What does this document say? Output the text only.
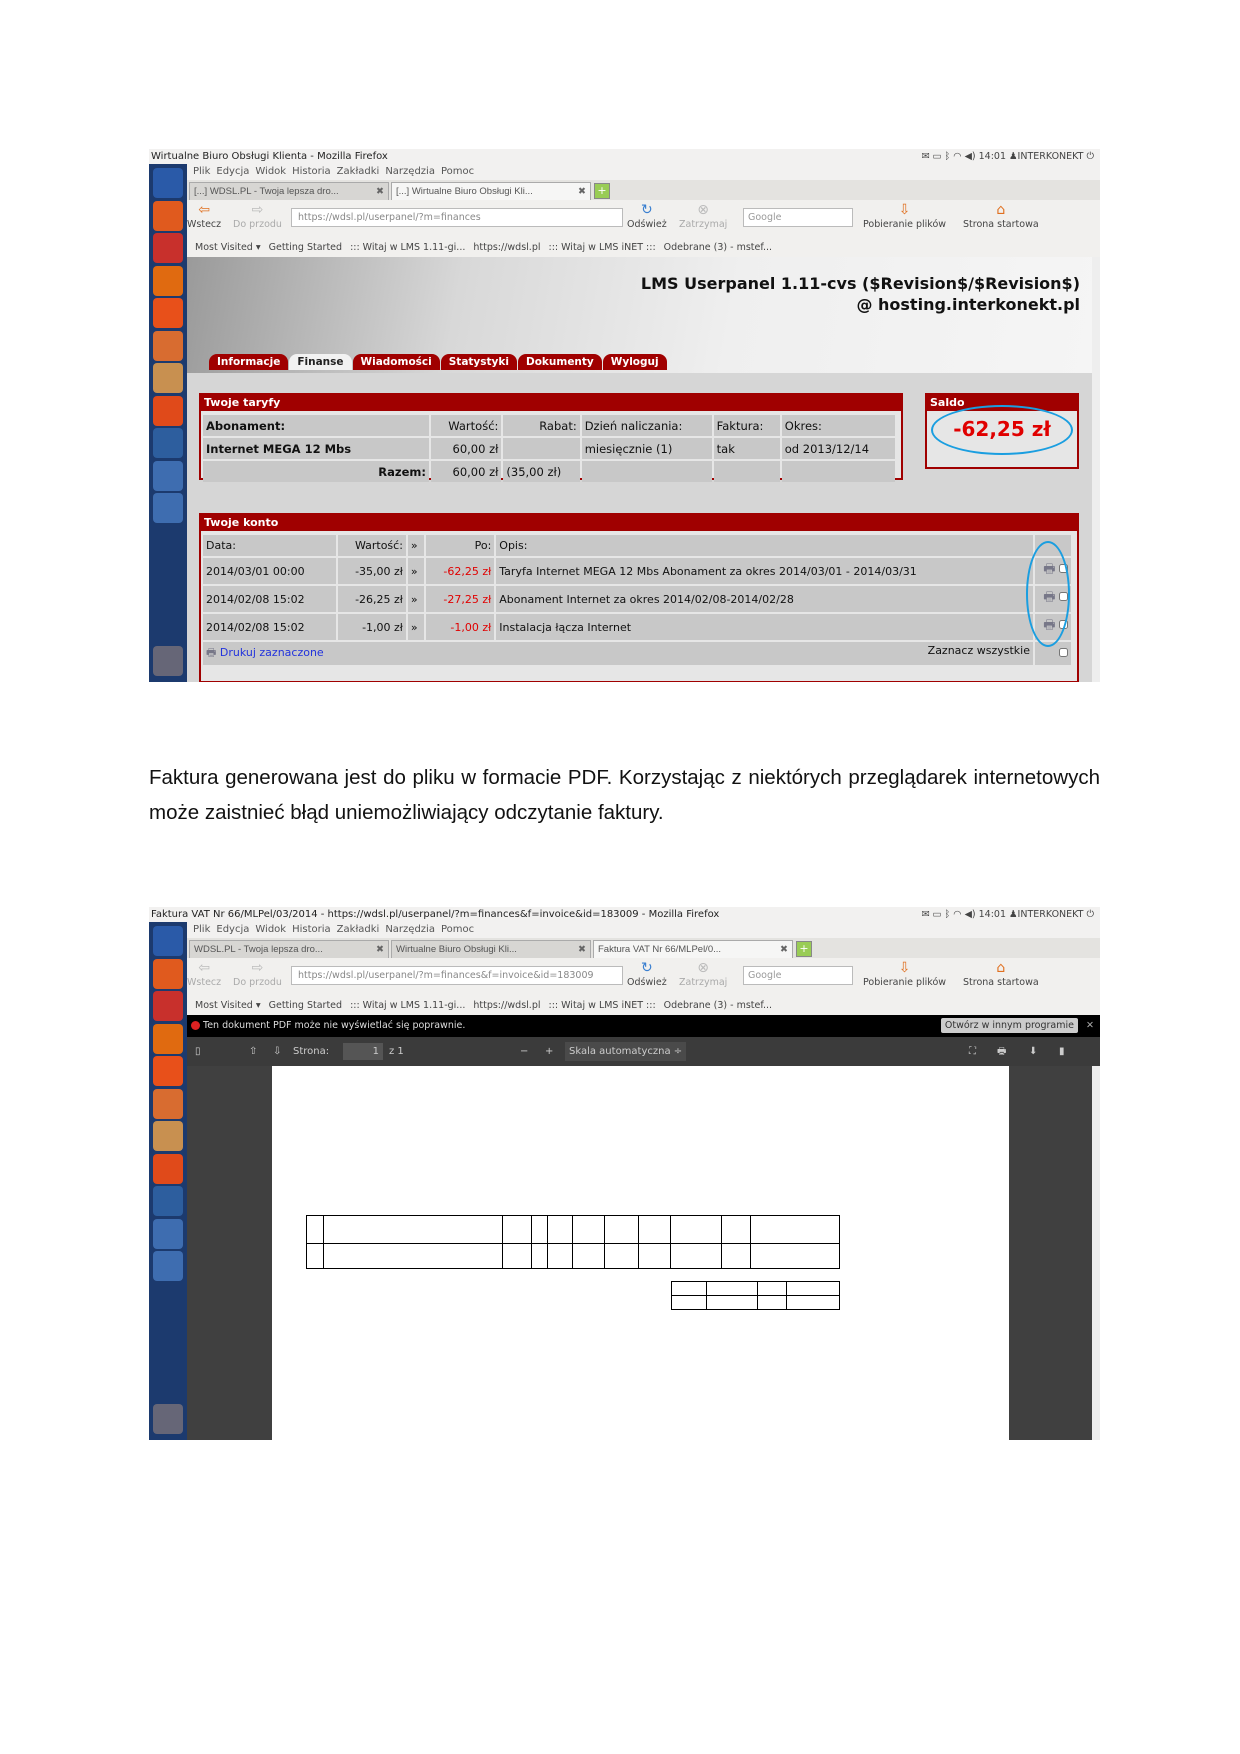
Wirtualne Biuro Obsługi Klienta - Mozilla Firefox	✉ ▭ ᛒ ◠ ◀) 14:01 ♟INTERKONEKT ⏻
Plik Edycja Widok Historia Zakładki Narzędzia Pomoc
[...] WDSL.PL - Twoja lepsza dro...	✖	[...] Wirtualne Biuro Obsługi Kli...	✖	+
⇦
Wstecz
⇨
Do przodu
↻
Odśwież
⊗
Zatrzymaj
⇩
Pobieranie plików
⌂
Strona startowa
https://wdsl.pl/userpanel/?m=finances	Google
Most Visited ▾ Getting Started ::: Witaj w LMS 1.11-gi... https://wdsl.pl ::: Witaj w LMS iNET ::: Odebrane (3) - mstef...
LMS Userpanel 1.11-cvs ($Revision$/$Revision$)
@ hosting.interkonekt.pl
Informacje Finanse Wiadomości Statystyki Dokumenty Wyloguj
Twoje taryfy
Abonament:	Wartość:	Rabat:	Dzień naliczania:	Faktura:	Okres:
Internet MEGA 12 Mbs	60,00 zł		miesięcznie (1)	tak	od 2013/12/14
Razem:	60,00 zł	(35,00 zł)			
Saldo
-62,25 zł
Twoje konto
Data:	Wartość:	»	Po:	Opis:	
2014/03/01 00:00	-35,00 zł	»	-62,25 zł	Taryfa Internet MEGA 12 Mbs Abonament za okres 2014/03/01 - 2014/03/31	🖶
2014/02/08 15:02	-26,25 zł	»	-27,25 zł	Abonament Internet za okres 2014/02/08-2014/02/28	🖶
2014/02/08 15:02	-1,00 zł	»	-1,00 zł	Instalacja łącza Internet	🖶
🖶 Drukuj zaznaczone Zaznacz wszystkie

Faktura generowana jest do pliku w formacie PDF. Korzystając z niektórych przeglądarek internetowych może zaistnieć błąd uniemożliwiający odczytanie faktury.
Faktura VAT Nr 66/MLPel/03/2014 - https://wdsl.pl/userpanel/?m=finances&f=invoice&id=183009 - Mozilla Firefox	✉ ▭ ᛒ ◠ ◀) 14:01 ♟INTERKONEKT ⏻
Plik Edycja Widok Historia Zakładki Narzędzia Pomoc
WDSL.PL - Twoja lepsza dro...	✖	Wirtualne Biuro Obsługi Kli...	✖	Faktura VAT Nr 66/MLPel/0...	✖	+
⇦
Wstecz
⇨
Do przodu
↻
Odśwież
⊗
Zatrzymaj
⇩
Pobieranie plików
⌂
Strona startowa
https://wdsl.pl/userpanel/?m=finances&f=invoice&id=183009	Google
Most Visited ▾ Getting Started ::: Witaj w LMS 1.11-gi... https://wdsl.pl ::: Witaj w LMS iNET ::: Odebrane (3) - mstef...
Ten dokument PDF może nie wyświetlać się poprawnie.	Otwórz w innym programie	✕
▯	⇧ ⇩ Strona:	1	z 1	− +	Skala automatyczna ÷	⛶ 🖶 ⬇ ▮
